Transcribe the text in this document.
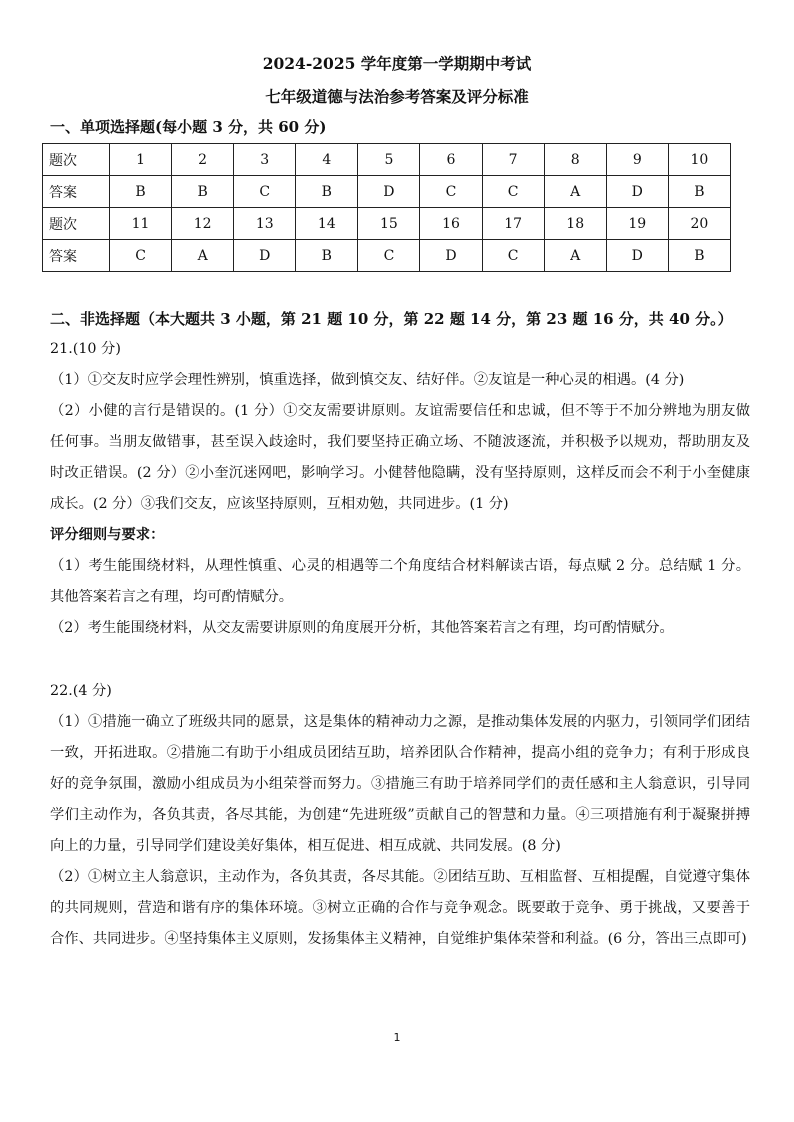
2024-2025 学年度第一学期期中考试
七年级道德与法治参考答案及评分标准
一、单项选择题(每小题 3 分，共 60 分)
题次	1	2	3	4	5	6	7	8	9	10
答案	B	B	C	B	D	C	C	A	D	B
题次	11	12	13	14	15	16	17	18	19	20
答案	C	A	D	B	C	D	C	A	D	B
二、非选择题（本大题共 3 小题，第 21 题 10 分，第 22 题 14 分，第 23 题 16 分，共 40 分。）

21.(10 分)

（1）①交友时应学会理性辨别，慎重选择，做到慎交友、结好伴。②友谊是一种心灵的相遇。(4 分)

（2）小健的言行是错误的。(1 分）①交友需要讲原则。友谊需要信任和忠诚，但不等于不加分辨地为朋友做任何事。当朋友做错事，甚至误入歧途时，我们要坚持正确立场、不随波逐流，并积极予以规劝，帮助朋友及时改正错误。(2 分）②小奎沉迷网吧，影响学习。小健替他隐瞒，没有坚持原则，这样反而会不利于小奎健康成长。(2 分）③我们交友，应该坚持原则，互相劝勉，共同进步。(1 分)

评分细则与要求：

（1）考生能围绕材料，从理性慎重、心灵的相遇等二个角度结合材料解读古语，每点赋 2 分。总结赋 1 分。其他答案若言之有理，均可酌情赋分。

（2）考生能围绕材料，从交友需要讲原则的角度展开分析，其他答案若言之有理，均可酌情赋分。

22.(4 分)

（1）①措施一确立了班级共同的愿景，这是集体的精神动力之源，是推动集体发展的内驱力，引领同学们团结一致，开拓进取。②措施二有助于小组成员团结互助，培养团队合作精神，提高小组的竞争力；有利于形成良好的竞争氛围，激励小组成员为小组荣誉而努力。③措施三有助于培养同学们的责任感和主人翁意识，引导同学们主动作为，各负其责，各尽其能，为创建“先进班级”贡献自己的智慧和力量。④三项措施有利于凝聚拼搏向上的力量，引导同学们建设美好集体，相互促进、相互成就、共同发展。(8 分)

（2）①树立主人翁意识，主动作为，各负其责，各尽其能。②团结互助、互相监督、互相提醒，自觉遵守集体的共同规则，营造和谐有序的集体环境。③树立正确的合作与竞争观念。既要敢于竞争、勇于挑战，又要善于合作、共同进步。④坚持集体主义原则，发扬集体主义精神，自觉维护集体荣誉和利益。(6 分，答出三点即可)

1
